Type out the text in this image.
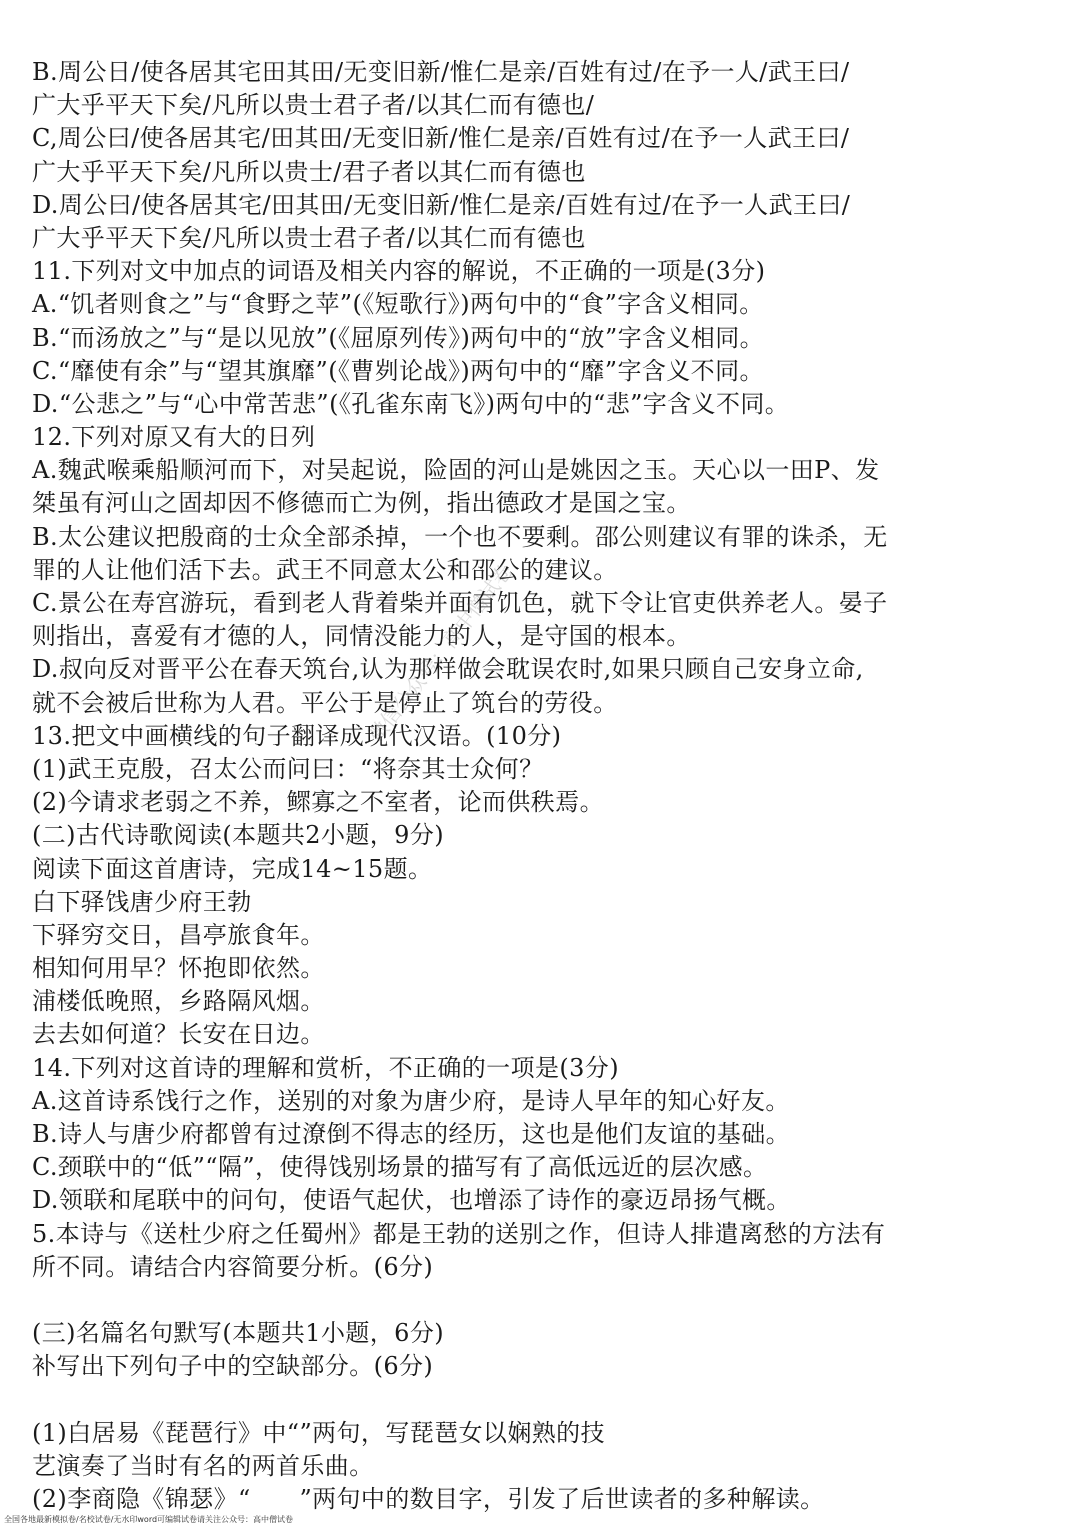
B.周公日/使各居其宅田其田/无变旧新/惟仁是亲/百姓有过/在予一人/武王曰/
广大乎平天下矣/凡所以贵士君子者/以其仁而有德也/
C,周公曰/使各居其宅/田其田/无变旧新/惟仁是亲/百姓有过/在予一人武王曰/
广大乎平天下矣/凡所以贵士/君子者以其仁而有德也
D.周公曰/使各居其宅/田其田/无变旧新/惟仁是亲/百姓有过/在予一人武王曰/
广大乎平天下矣/凡所以贵士君子者/以其仁而有德也
11.下列对文中加点的词语及相关内容的解说，不正确的一项是(3分)
A.“饥者则食之”与“食野之苹”(《短歌行》)两句中的“食”字含义相同。
B.“而汤放之”与“是以见放”(《屈原列传》)两句中的“放”字含义相同。
C.“靡使有余”与“望其旗靡”(《曹刿论战》)两句中的“靡”字含义不同。
D.“公悲之”与“心中常苦悲”(《孔雀东南飞》)两句中的“悲”字含义不同。
12.下列对原又有大的日列
A.魏武喉乘船顺河而下，对吴起说，险固的河山是姚因之玉。天心以一田P、发
桀虽有河山之固却因不修德而亡为例，指出德政才是国之宝。
B.太公建议把殷商的士众全部杀掉，一个也不要剩。邵公则建议有罪的诛杀，无
罪的人让他们活下去。武王不同意太公和邵公的建议。
C.景公在寿宫游玩，看到老人背着柴并面有饥色，就下令让官吏供养老人。晏子
则指出，喜爱有才德的人，同情没能力的人，是守国的根本。
D.叔向反对晋平公在春天筑台,认为那样做会耽误农时,如果只顾自己安身立命,
就不会被后世称为人君。平公于是停止了筑台的劳役。
13.把文中画横线的句子翻译成现代汉语。(10分)
(1)武王克殷，召太公而问曰：“将奈其士众何？
(2)今请求老弱之不养，鳏寡之不室者，论而供秩焉。
(二)古代诗歌阅读(本题共2小题，9分)
阅读下面这首唐诗，完成14~15题。
白下驿饯唐少府王勃
下驿穷交日，昌亭旅食年。
相知何用早？怀抱即依然。
浦楼低晚照，乡路隔风烟。
去去如何道？长安在日边。
14.下列对这首诗的理解和赏析，不正确的一项是(3分)
A.这首诗系饯行之作，送别的对象为唐少府，是诗人早年的知心好友。
B.诗人与唐少府都曾有过潦倒不得志的经历，这也是他们友谊的基础。
C.颈联中的“低”“隔”，使得饯别场景的描写有了高低远近的层次感。
D.领联和尾联中的问句，使语气起伏，也增添了诗作的豪迈昂扬气概。
5.本诗与《送杜少府之任蜀州》都是王勃的送别之作，但诗人排遣离愁的方法有
所不同。请结合内容简要分析。(6分)
(三)名篇名句默写(本题共1小题，6分)
补写出下列句子中的空缺部分。(6分)
(1)白居易《琵琶行》中“”两句，写琵琶女以娴熟的技
艺演奏了当时有名的两首乐曲。
(2)李商隐《锦瑟》“　　”两句中的数目字，引发了后世读者的多种解读。
微信公众号：高中僧试卷
全国各地最新模拟卷/名校试卷/无水印word可编辑试卷请关注公众号：高中僧试卷
